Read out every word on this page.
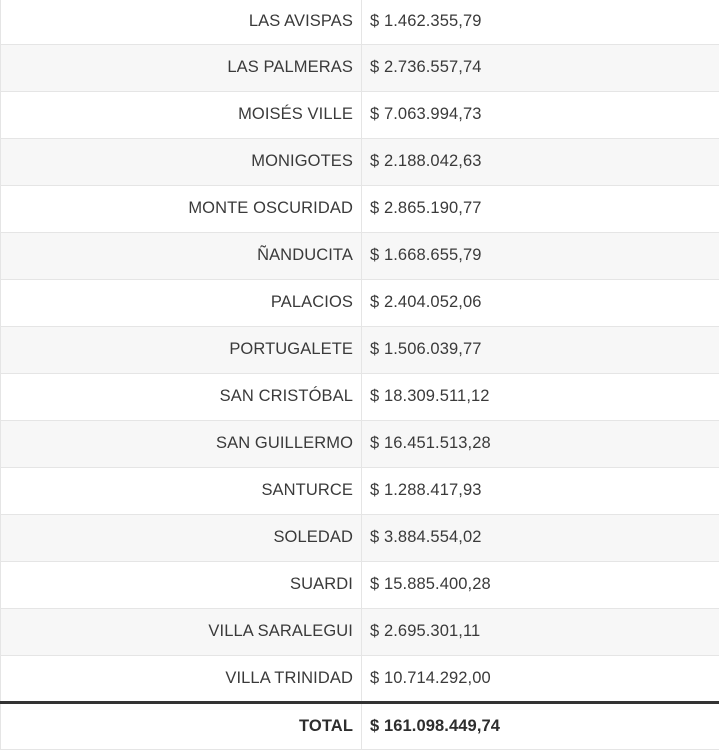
LAS AVISPAS	$ 1.462.355,79
LAS PALMERAS	$ 2.736.557,74
MOISÉS VILLE	$ 7.063.994,73
MONIGOTES	$ 2.188.042,63
MONTE OSCURIDAD	$ 2.865.190,77
ÑANDUCITA	$ 1.668.655,79
PALACIOS	$ 2.404.052,06
PORTUGALETE	$ 1.506.039,77
SAN CRISTÓBAL	$ 18.309.511,12
SAN GUILLERMO	$ 16.451.513,28
SANTURCE	$ 1.288.417,93
SOLEDAD	$ 3.884.554,02
SUARDI	$ 15.885.400,28
VILLA SARALEGUI	$ 2.695.301,11
VILLA TRINIDAD	$ 10.714.292,00
TOTAL	$ 161.098.449,74
